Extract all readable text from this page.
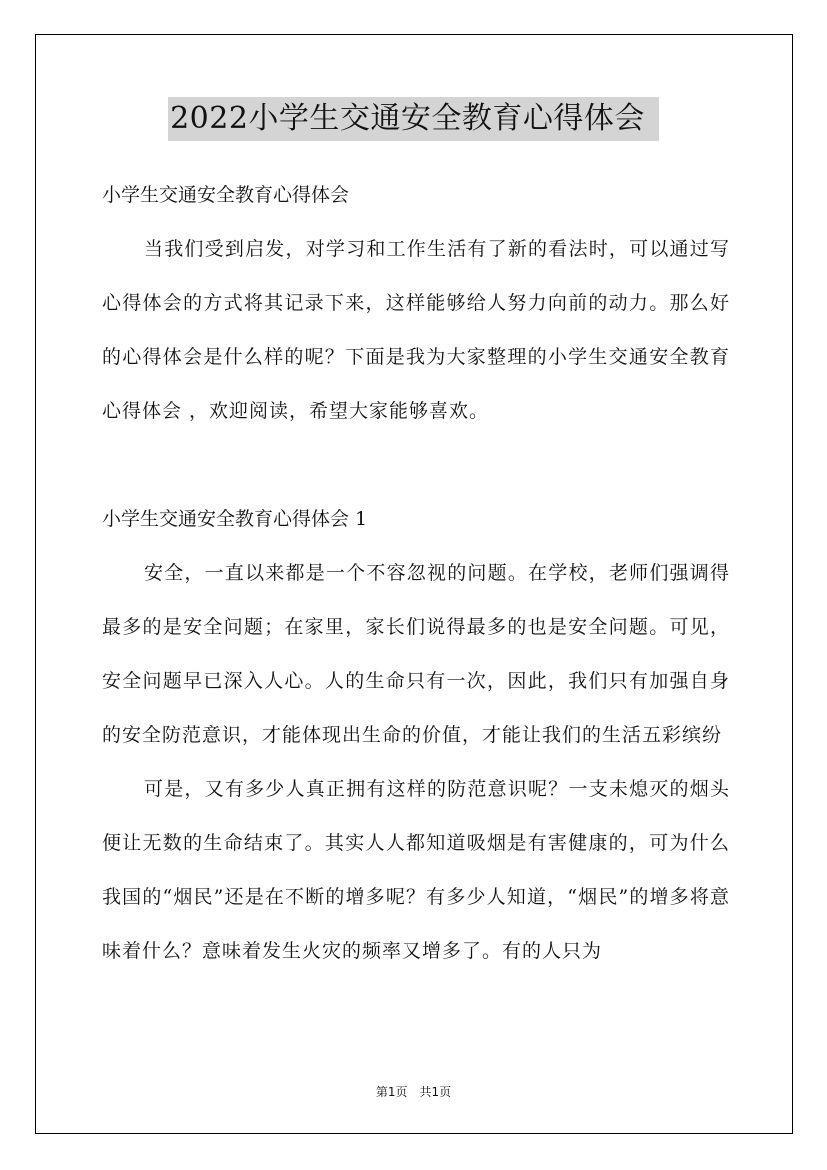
2022小学生交通安全教育心得体会
小学生交通安全教育心得体会

当我们受到启发，对学习和工作生活有了新的看法时，可以通过写心得体会的方式将其记录下来，这样能够给人努力向前的动力。那么好的心得体会是什么样的呢？下面是我为大家整理的小学生交通安全教育心得体会 ，欢迎阅读，希望大家能够喜欢。

小学生交通安全教育心得体会 1

安全，一直以来都是一个不容忽视的问题。在学校，老师们强调得最多的是安全问题；在家里，家长们说得最多的也是安全问题。可见，安全问题早已深入人心。人的生命只有一次，因此，我们只有加强自身的安全防范意识，才能体现出生命的价值，才能让我们的生活五彩缤纷

可是，又有多少人真正拥有这样的防范意识呢？一支未熄灭的烟头便让无数的生命结束了。其实人人都知道吸烟是有害健康的，可为什么我国的“烟民”还是在不断的增多呢？有多少人知道，“烟民”的增多将意味着什么？意味着发生火灾的频率又增多了。有的人只为

第1页　共1页
